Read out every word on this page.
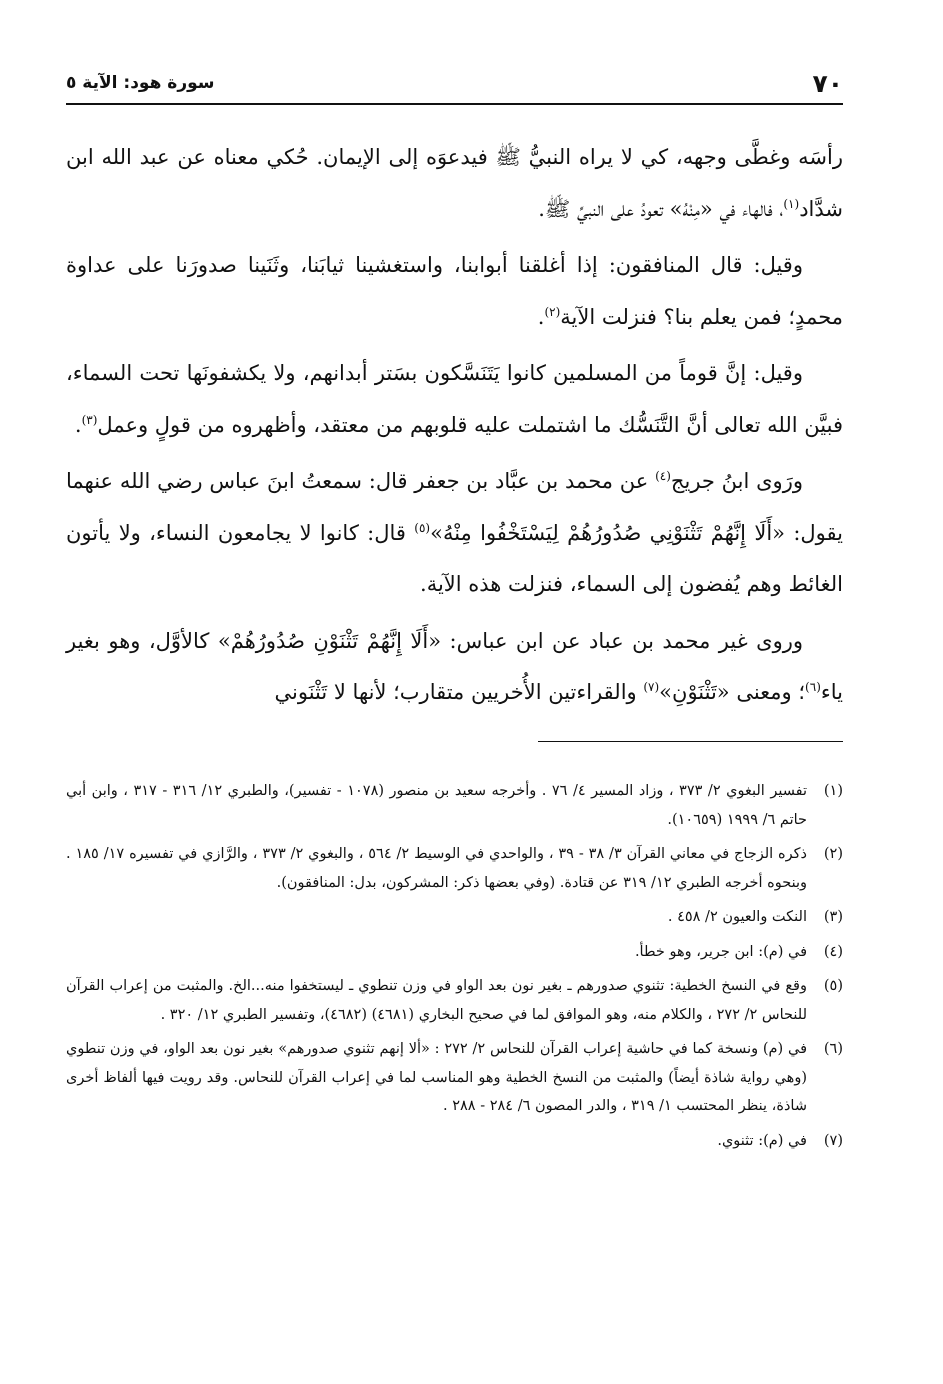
٧٠
سورة هود: الآية ٥

رأسَه وغطَّى وجهه، كي لا يراه النبيُّ ﷺ فيدعوَه إلى الإيمان. حُكي معناه عن عبد الله ابن شدَّاد$^{(١)}$، فالهاء في «مِنْهُ» تعودُ على النبيِّ ﷺ.

وقيل: قال المنافقون: إذا أغلقنا أبوابنا، واستغشينا ثيابَنا، وثَنَينا صدورَنا على عداوة محمدٍ؛ فمن يعلم بنا؟ فنزلت الآية$^{(٢)}$.

وقيل: إنَّ قوماً من المسلمين كانوا يَتَنَسَّكون بسَتر أبدانهم، ولا يكشفونَها تحت السماء، فبيَّن الله تعالى أنَّ التَّنَسُّك ما اشتملت عليه قلوبهم من معتقد، وأظهروه من قولٍ وعمل$^{(٣)}$.

ورَوى ابنُ جريج$^{(٤)}$ عن محمد بن عبَّاد بن جعفر قال: سمعتُ ابنَ عباس رضي الله عنهما يقول: «أَلَا إِنَّهُمْ تَثْنَوْنِي صُدُورُهُمْ لِيَسْتَخْفُوا مِنْهُ»$^{(٥)}$ قال: كانوا لا يجامعون النساء، ولا يأتون الغائط وهم يُفضون إلى السماء، فنزلت هذه الآية.

وروى غير محمد بن عباد عن ابن عباس: «أَلَا إِنَّهُمْ تَثْنَوْنِ صُدُورُهُمْ» كالأوَّل، وهو بغير ياء$^{(٦)}$؛ ومعنى «تَثْنَوْنِ»$^{(٧)}$ والقراءتين الأُخريين متقارب؛ لأنها لا تَثْنَوني

(١)
تفسير البغوي ٢/ ٣٧٣ ، وزاد المسير ٤/ ٧٦ . وأخرجه سعيد بن منصور (١٠٧٨ - تفسير)، والطبري ١٢/ ٣١٦ - ٣١٧ ، وابن أبي حاتم ٦/ ١٩٩٩ (١٠٦٥٩).
(٢)
ذكره الزجاج في معاني القرآن ٣/ ٣٨ - ٣٩ ، والواحدي في الوسيط ٢/ ٥٦٤ ، والبغوي ٢/ ٣٧٣ ، والرَّازي في تفسيره ١٧/ ١٨٥ . وبنحوه أخرجه الطبري ١٢/ ٣١٩ عن قتادة. (وفي بعضها ذكر: المشركون، بدل: المنافقون).
(٣)
النكت والعيون ٢/ ٤٥٨ .
(٤)
في (م): ابن جرير، وهو خطأ.
(٥)
وقع في النسخ الخطية: تثنوي صدورهم ـ بغير نون بعد الواو في وزن تنطوي ـ ليستخفوا منه...الخ. والمثبت من إعراب القرآن للنحاس ٢/ ٢٧٢ ، والكلام منه، وهو الموافق لما في صحيح البخاري (٤٦٨١) (٤٦٨٢)، وتفسير الطبري ١٢/ ٣٢٠ .
(٦)
في (م) ونسخة كما في حاشية إعراب القرآن للنحاس ٢/ ٢٧٢ : «ألا إنهم تثنوي صدورهم» بغير نون بعد الواو، في وزن تنطوي (وهي رواية شاذة أيضاً) والمثبت من النسخ الخطية وهو المناسب لما في إعراب القرآن للنحاس. وقد رويت فيها ألفاظ أخرى شاذة، ينظر المحتسب ١/ ٣١٩ ، والدر المصون ٦/ ٢٨٤ - ٢٨٨ .
(٧)
في (م): تثنوي.
